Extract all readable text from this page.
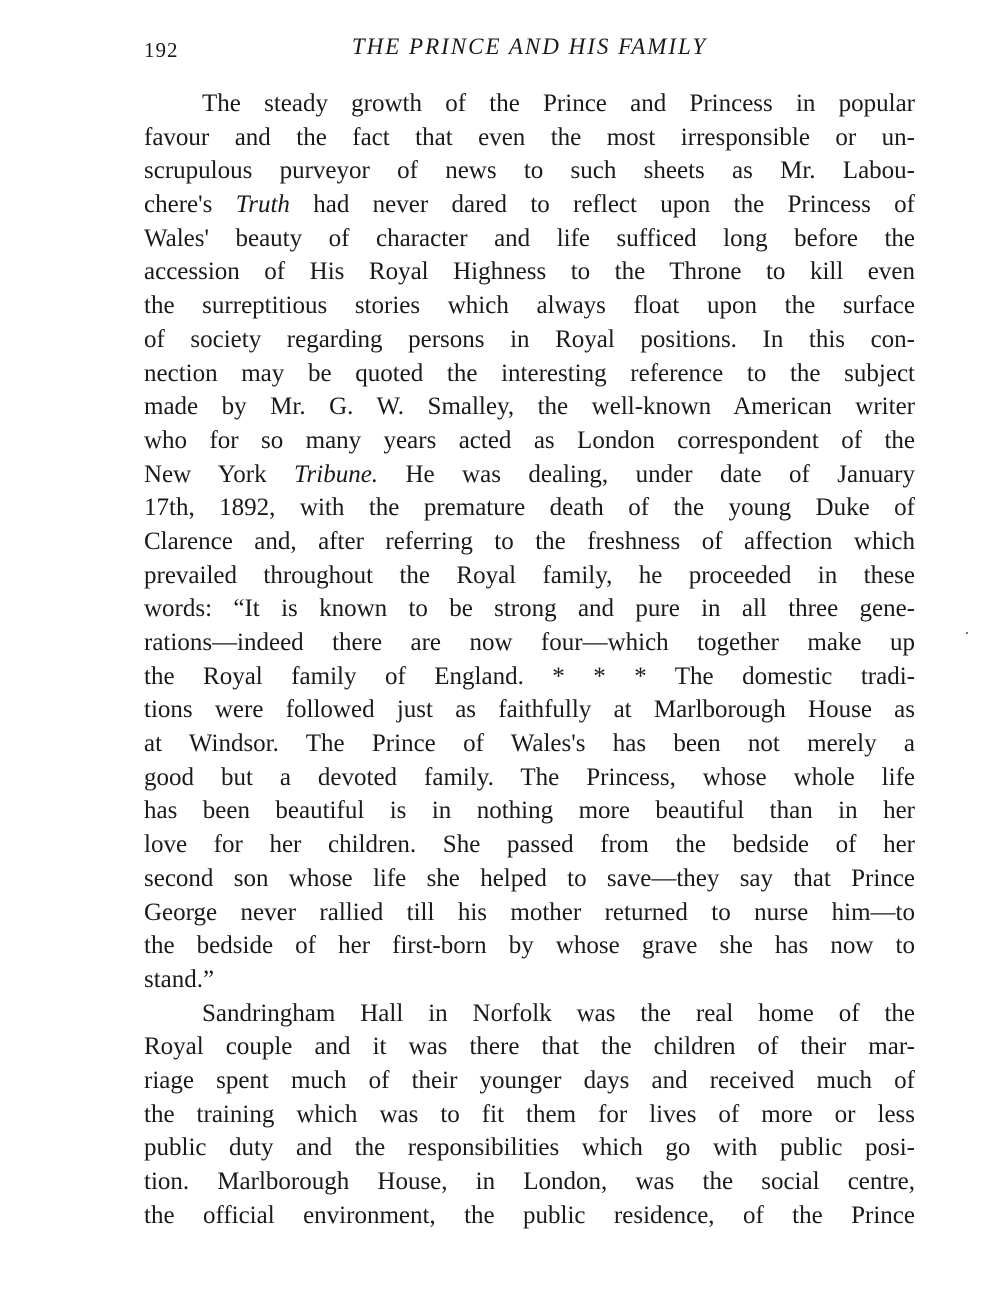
192	THE PRINCE AND HIS FAMILY
The steady growth of the Prince and Princess in popular
favour and the fact that even the most irresponsible or un-
scrupulous purveyor of news to such sheets as Mr. Labou-
chere's Truth had never dared to reflect upon the Princess of
Wales' beauty of character and life sufficed long before the
accession of His Royal Highness to the Throne to kill even
the surreptitious stories which always float upon the surface
of society regarding persons in Royal positions. In this con-
nection may be quoted the interesting reference to the subject
made by Mr. G. W. Smalley, the well-known American writer
who for so many years acted as London correspondent of the
New York Tribune. He was dealing, under date of January
17th, 1892, with the premature death of the young Duke of
Clarence and, after referring to the freshness of affection which
prevailed throughout the Royal family, he proceeded in these
words: “It is known to be strong and pure in all three gene-
rations—indeed there are now four—which together make up
the Royal family of England. * * * The domestic tradi-
tions were followed just as faithfully at Marlborough House as
at Windsor. The Prince of Wales's has been not merely a
good but a devoted family. The Princess, whose whole life
has been beautiful is in nothing more beautiful than in her
love for her children. She passed from the bedside of her
second son whose life she helped to save—they say that Prince
George never rallied till his mother returned to nurse him—to
the bedside of her first-born by whose grave she has now to
stand.”
Sandringham Hall in Norfolk was the real home of the
Royal couple and it was there that the children of their mar-
riage spent much of their younger days and received much of
the training which was to fit them for lives of more or less
public duty and the responsibilities which go with public posi-
tion. Marlborough House, in London, was the social centre,
the official environment, the public residence, of the Prince
